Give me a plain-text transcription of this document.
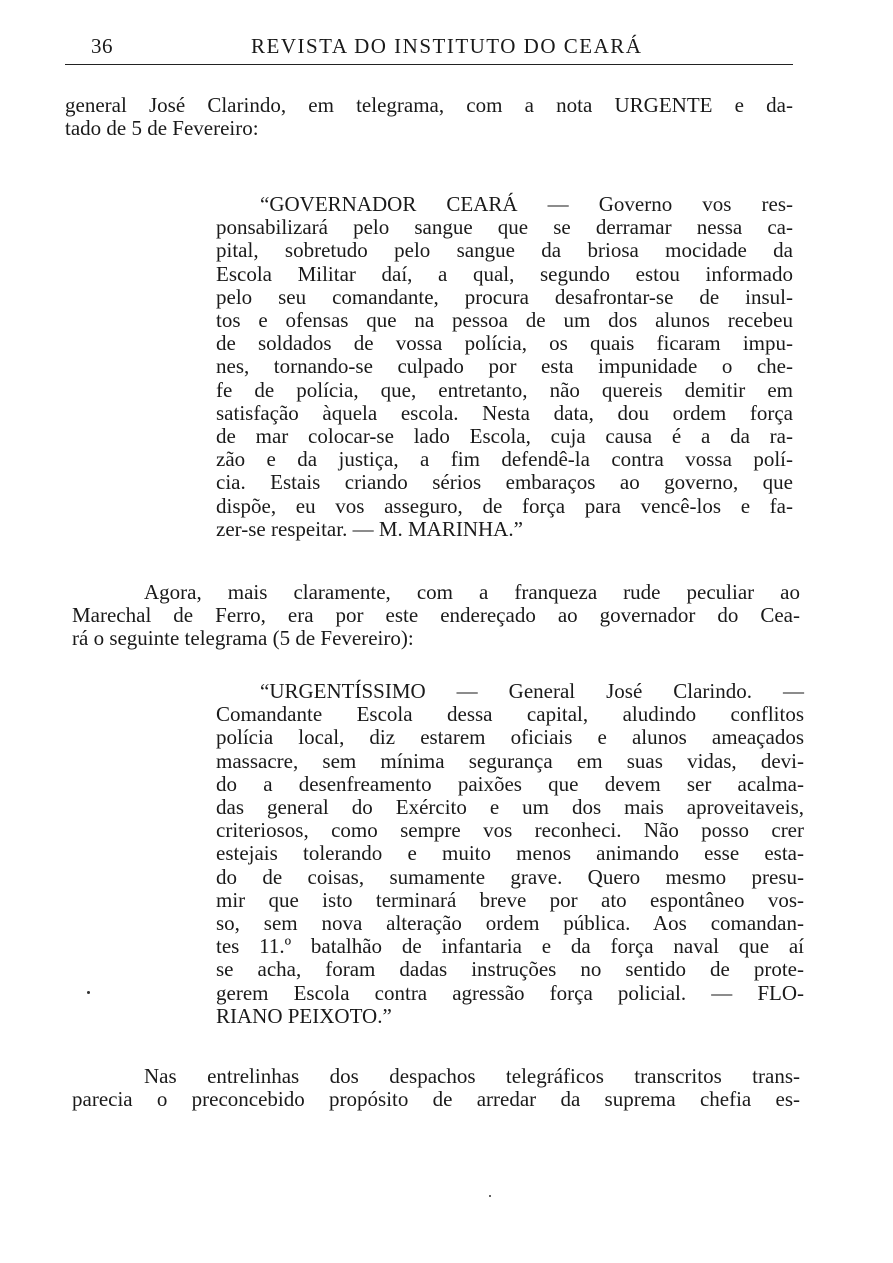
36	REVISTA DO INSTITUTO DO CEARÁ
general José Clarindo, em telegrama, com a nota URGENTE e da-
tado de 5 de Fevereiro:
“GOVERNADOR CEARÁ — Governo vos res-
ponsabilizará pelo sangue que se derramar nessa ca-
pital, sobretudo pelo sangue da briosa mocidade da
Escola Militar daí, a qual, segundo estou informado
pelo seu comandante, procura desafrontar-se de insul-
tos e ofensas que na pessoa de um dos alunos recebeu
de soldados de vossa polícia, os quais ficaram impu-
nes, tornando-se culpado por esta impunidade o che-
fe de polícia, que, entretanto, não quereis demitir em
satisfação àquela escola. Nesta data, dou ordem força
de mar colocar-se lado Escola, cuja causa é a da ra-
zão e da justiça, a fim defendê-la contra vossa polí-
cia. Estais criando sérios embaraços ao governo, que
dispõe, eu vos asseguro, de força para vencê-los e fa-
zer-se respeitar. — M. MARINHA.”
Agora, mais claramente, com a franqueza rude peculiar ao
Marechal de Ferro, era por este endereçado ao governador do Cea-
rá o seguinte telegrama (5 de Fevereiro):
“URGENTÍSSIMO — General José Clarindo. —
Comandante Escola dessa capital, aludindo conflitos
polícia local, diz estarem oficiais e alunos ameaçados
massacre, sem mínima segurança em suas vidas, devi-
do a desenfreamento paixões que devem ser acalma-
das general do Exército e um dos mais aproveitaveis,
criteriosos, como sempre vos reconheci. Não posso crer
estejais tolerando e muito menos animando esse esta-
do de coisas, sumamente grave. Quero mesmo presu-
mir que isto terminará breve por ato espontâneo vos-
so, sem nova alteração ordem pública. Aos comandan-
tes 11.º batalhão de infantaria e da força naval que aí
se acha, foram dadas instruções no sentido de prote-
gerem Escola contra agressão força policial. — FLO-
RIANO PEIXOTO.”
Nas entrelinhas dos despachos telegráficos transcritos trans-
parecia o preconcebido propósito de arredar da suprema chefia es-
